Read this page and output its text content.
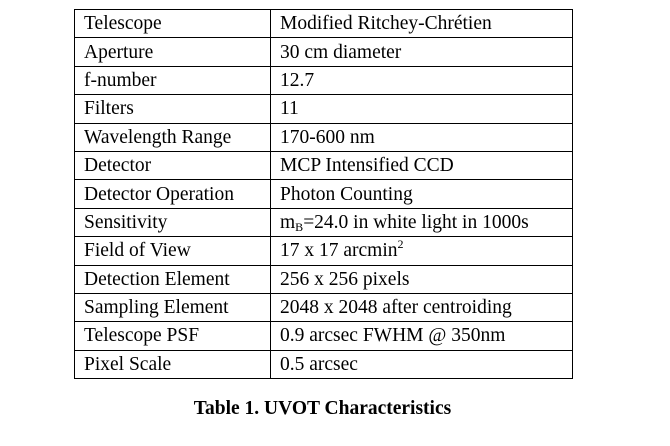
Telescope	Modified Ritchey-Chrétien
Aperture	30 cm diameter
f-number	12.7
Filters	11
Wavelength Range	170-600 nm
Detector	MCP Intensified CCD
Detector Operation	Photon Counting
Sensitivity	$m_B=24.0$ in white light in 1000s
Field of View	17 x 17 arcmin$^2$
Detection Element	256 x 256 pixels
Sampling Element	2048 x 2048 after centroiding
Telescope PSF	0.9 arcsec FWHM @ 350nm
Pixel Scale	0.5 arcsec
Table 1. UVOT Characteristics
